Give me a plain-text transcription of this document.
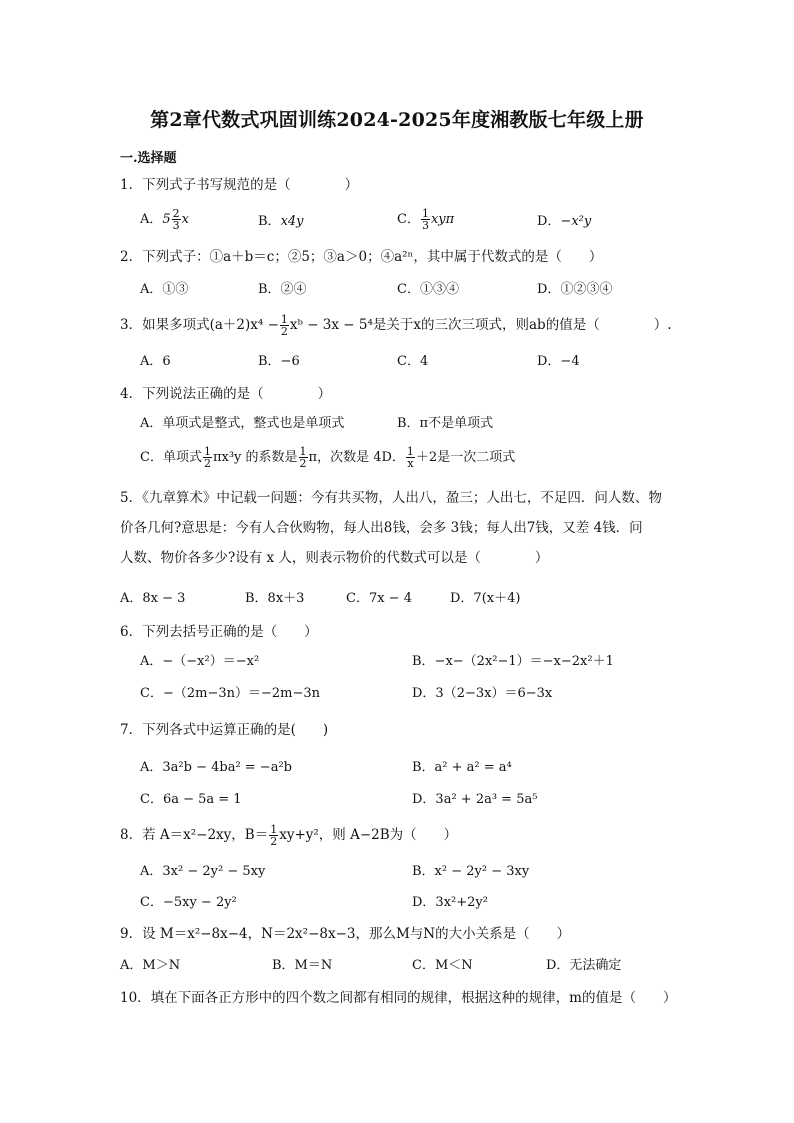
第2章代数式巩固训练2024-2025年度湘教版七年级上册
一.选择题
1．下列式子书写规范的是（　　　　）
A．$5 \frac{2}{3}$ x	B．x4y	C． $\frac{1}{3}$ xyπ	D．−x²y
2．下列式子：①a＋b＝c；②5；③a＞0；④a²ⁿ，其中属于代数式的是（　　）
A．①③	B．②④	C．①③④	D．①②③④
3．如果多项式$(a+2)x^4 - \frac{1}{2}$ xᵇ − 3x − 5⁴是关于x的三次三项式，则ab的值是（　　　　）.
A．6	B．−6	C．4	D．−4
4．下列说法正确的是（　　　　）
A．单项式是整式，整式也是单项式	B．π不是单项式
C．单项式 $\frac{1}{2} \pi x^3y$ 的系数是 $\frac{1}{2}$ π，次数是 4D． $\frac{1}{x} +2$是一次二项式
5．《九章算术》中记载一问题：今有共买物，人出八，盈三；人出七，不足四．问人数、物
价各几何?意思是：今有人合伙购物，每人出8钱，会多 3钱；每人出7钱，又差 4钱．问
人数、物价各多少?设有 x 人，则表示物价的代数式可以是（　　　　）
A．8x − 3	B．8x＋3	C．7x − 4	D．7(x＋4)
6．下列去括号正确的是（　　）
A．−（−x²）＝−x²	B．−x−（2x²−1）＝−x−2x²＋1
C．−（2m−3n）＝−2m−3n	D．3（2−3x）＝6−3x
7．下列各式中运算正确的是(　　)
A．3a²b − 4ba² = −a²b	B．a² + a² = a⁴
C．6a − 5a = 1	D．3a² + 2a³ = 5a⁵
8．若 A＝x²−2xy，$B= \frac{1}{2} xy+y^2$，则 A−2B为（　　）
A．3x² − 2y² − 5xy	B．x² − 2y² − 3xy
C．−5xy − 2y²	D．3x²+2y²
9．设 M＝x²−8x−4，N＝2x²−8x−3，那么M与N的大小关系是（　　）
A．M＞N	B．M＝N	C．M＜N	D．无法确定
10．填在下面各正方形中的四个数之间都有相同的规律，根据这种的规律，m的值是（　　）
